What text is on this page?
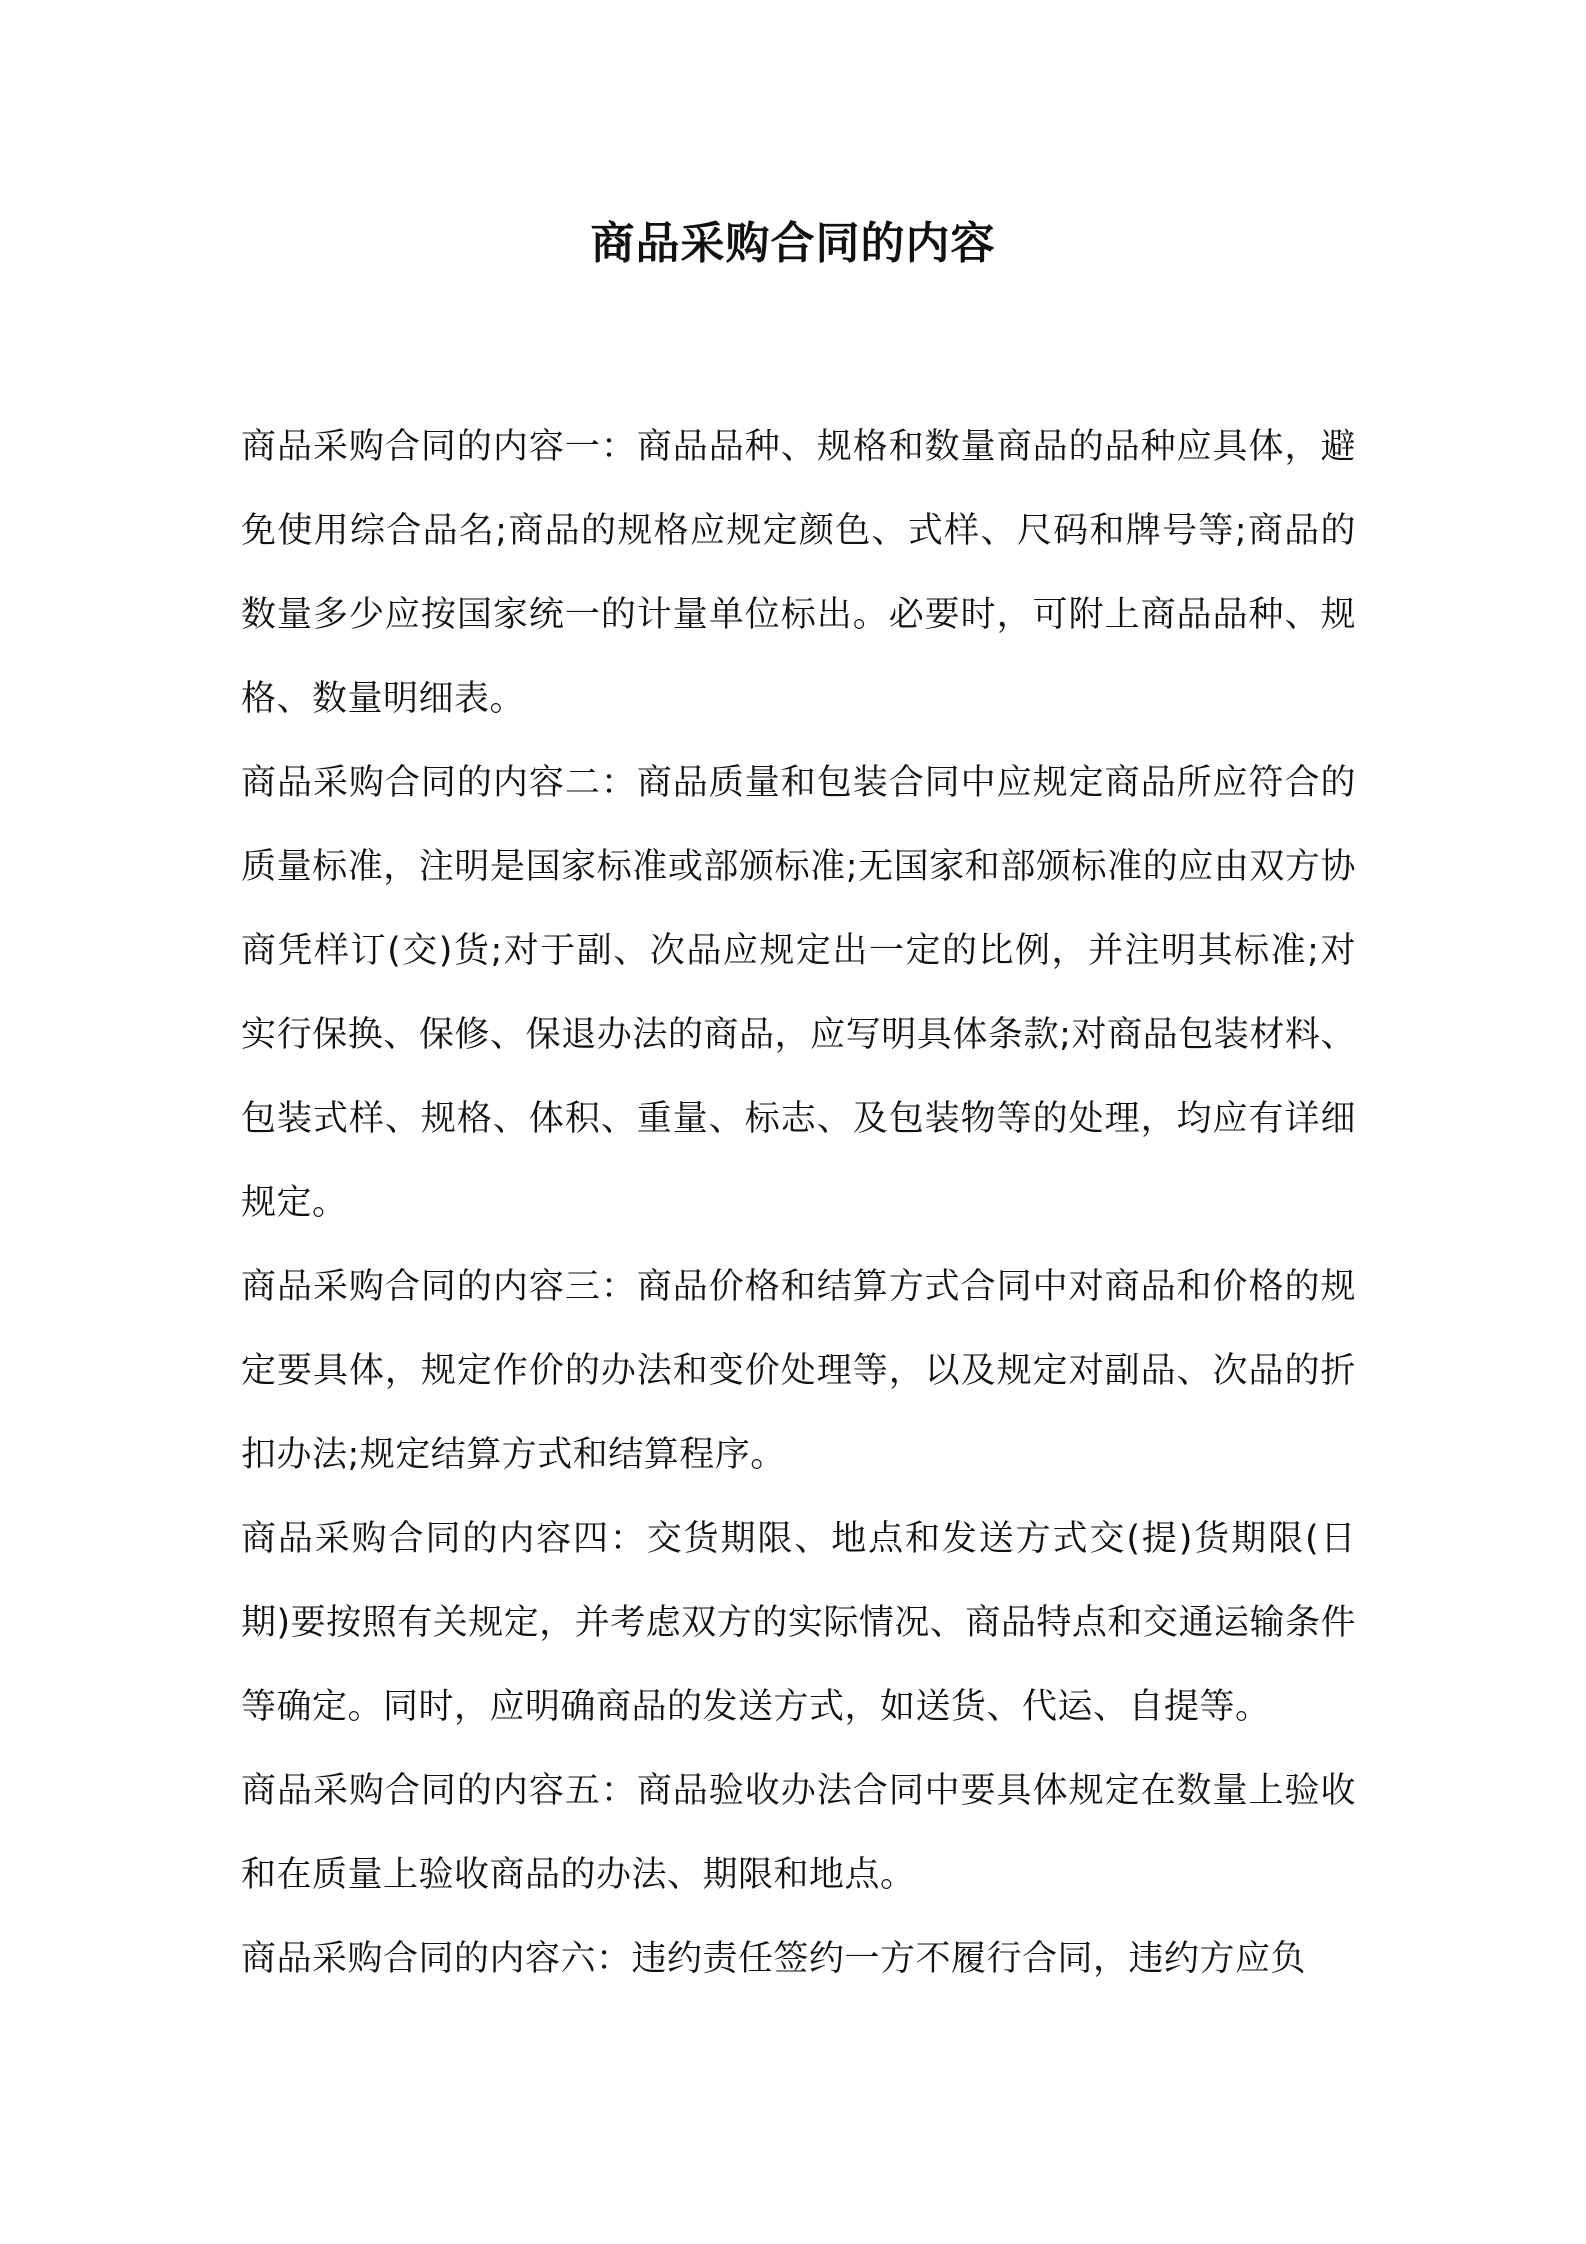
商品采购合同的内容

商品采购合同的内容一：商品品种、规格和数量商品的品种应具体，避免使用综合品名;商品的规格应规定颜色、式样、尺码和牌号等;商品的数量多少应按国家统一的计量单位标出。必要时，可附上商品品种、规格、数量明细表。

商品采购合同的内容二：商品质量和包装合同中应规定商品所应符合的质量标准，注明是国家标准或部颁标准;无国家和部颁标准的应由双方协商凭样订(交)货;对于副、次品应规定出一定的比例，并注明其标准;对实行保换、保修、保退办法的商品，应写明具体条款;对商品包装材料、包装式样、规格、体积、重量、标志、及包装物等的处理，均应有详细规定。

商品采购合同的内容三：商品价格和结算方式合同中对商品和价格的规定要具体，规定作价的办法和变价处理等，以及规定对副品、次品的折扣办法;规定结算方式和结算程序。

商品采购合同的内容四：交货期限、地点和发送方式交(提)货期限(日期)要按照有关规定，并考虑双方的实际情况、商品特点和交通运输条件等确定。同时，应明确商品的发送方式，如送货、代运、自提等。

商品采购合同的内容五：商品验收办法合同中要具体规定在数量上验收和在质量上验收商品的办法、期限和地点。

商品采购合同的内容六：违约责任签约一方不履行合同，违约方应负
